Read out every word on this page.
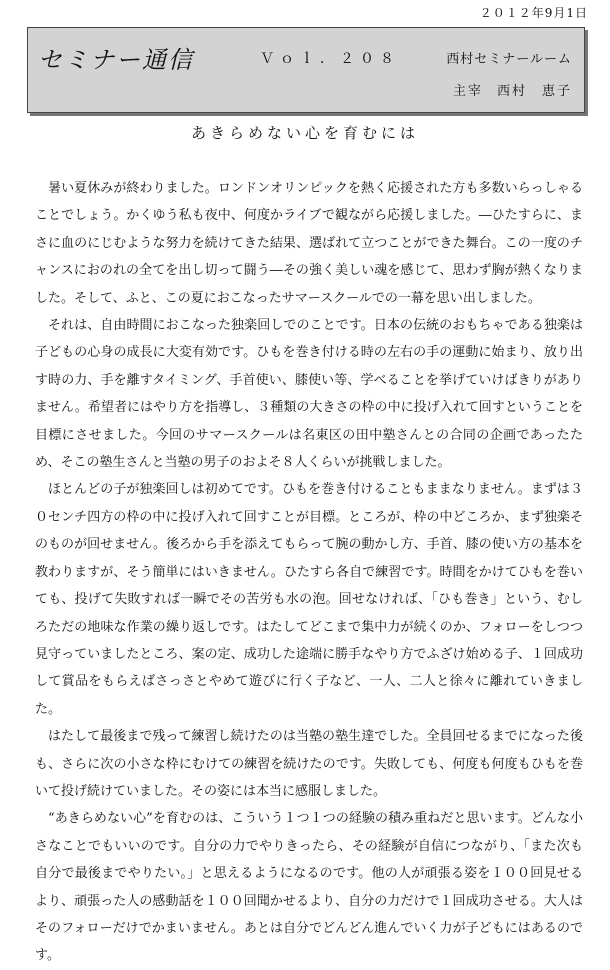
２０１２年9月1日
セミナー通信	Ｖｏｌ．２０８	西村セミナールーム
主宰 西村　恵子
あきらめない心を育むには

暑い夏休みが終わりました。ロンドンオリンピックを熱く応援された方も多数いらっしゃることでしょう。かくゆう私も夜中、何度かライブで観ながら応援しました。―ひたすらに、まさに血のにじむような努力を続けてきた結果、選ばれて立つことができた舞台。この一度のチャンスにおのれの全てを出し切って闘う―その強く美しい魂を感じて、思わず胸が熱くなりました。そして、ふと、この夏におこなったサマースクールでの一幕を思い出しました。

それは、自由時間におこなった独楽回しでのことです。日本の伝統のおもちゃである独楽は子どもの心身の成長に大変有効です。ひもを巻き付ける時の左右の手の運動に始まり、放り出す時の力、手を離すタイミング、手首使い、膝使い等、学べることを挙げていけばきりがありません。希望者にはやり方を指導し、３種類の大きさの枠の中に投げ入れて回すということを目標にさせました。今回のサマースクールは名東区の田中塾さんとの合同の企画であったため、そこの塾生さんと当塾の男子のおよそ８人くらいが挑戦しました。

ほとんどの子が独楽回しは初めてです。ひもを巻き付けることもままなりません。まずは３０センチ四方の枠の中に投げ入れて回すことが目標。ところが、枠の中どころか、まず独楽そのものが回せません。後ろから手を添えてもらって腕の動かし方、手首、膝の使い方の基本を教わりますが、そう簡単にはいきません。ひたすら各自で練習です。時間をかけてひもを巻いても、投げて失敗すれば一瞬でその苦労も水の泡。回せなければ、「ひも巻き」という、むしろただの地味な作業の繰り返しです。はたしてどこまで集中力が続くのか、フォローをしつつ見守っていましたところ、案の定、成功した途端に勝手なやり方でふざけ始める子、１回成功して賞品をもらえばさっさとやめて遊びに行く子など、一人、二人と徐々に離れていきました。

はたして最後まで残って練習し続けたのは当塾の塾生達でした。全員回せるまでになった後も、さらに次の小さな枠にむけての練習を続けたのです。失敗しても、何度も何度もひもを巻いて投げ続けていました。その姿には本当に感服しました。

“あきらめない心”を育むのは、こういう１つ１つの経験の積み重ねだと思います。どんな小さなことでもいいのです。自分の力でやりきったら、その経験が自信につながり、「また次も自分で最後までやりたい。」と思えるようになるのです。他の人が頑張る姿を１００回見せるより、頑張った人の感動話を１００回聞かせるより、自分の力だけで１回成功させる。大人はそのフォローだけでかまいません。あとは自分でどんどん進んでいく力が子どもにはあるのです。
